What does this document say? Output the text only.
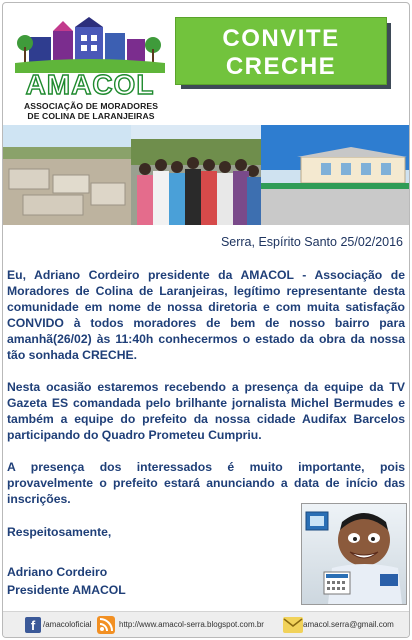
AMACOL
ASSOCIAÇÃO DE MORADORES
DE COLINA DE LARANJEIRAS
CONVITE
CRECHE
Serra, Espírito Santo 25/02/2016
Eu, Adriano Cordeiro presidente da AMACOL - Associação de Moradores de Colina de Laranjeiras, legítimo representante desta comunidade em nome de nossa diretoria e com muita satisfação CONVIDO à todos moradores de bem de nosso bairro para amanhã(26/02) às 11:40h conhecermos o estado da obra da nossa tão sonhada CRECHE.
Nesta ocasião estaremos recebendo a presença da equipe da TV Gazeta ES comandada pelo brilhante jornalista Michel Bermudes e também a equipe do prefeito da nossa cidade Audifax Barcelos participando do Quadro Prometeu Cumpriu.
A presença dos interessados é muito importante, pois provavelmente o prefeito estará anunciando a data de início das inscrições.
Respeitosamente,
Adriano Cordeiro
Presidente AMACOL
f /amacoloficial	http://www.amacol-serra.blogspot.com.br	amacol.serra@gmail.com
